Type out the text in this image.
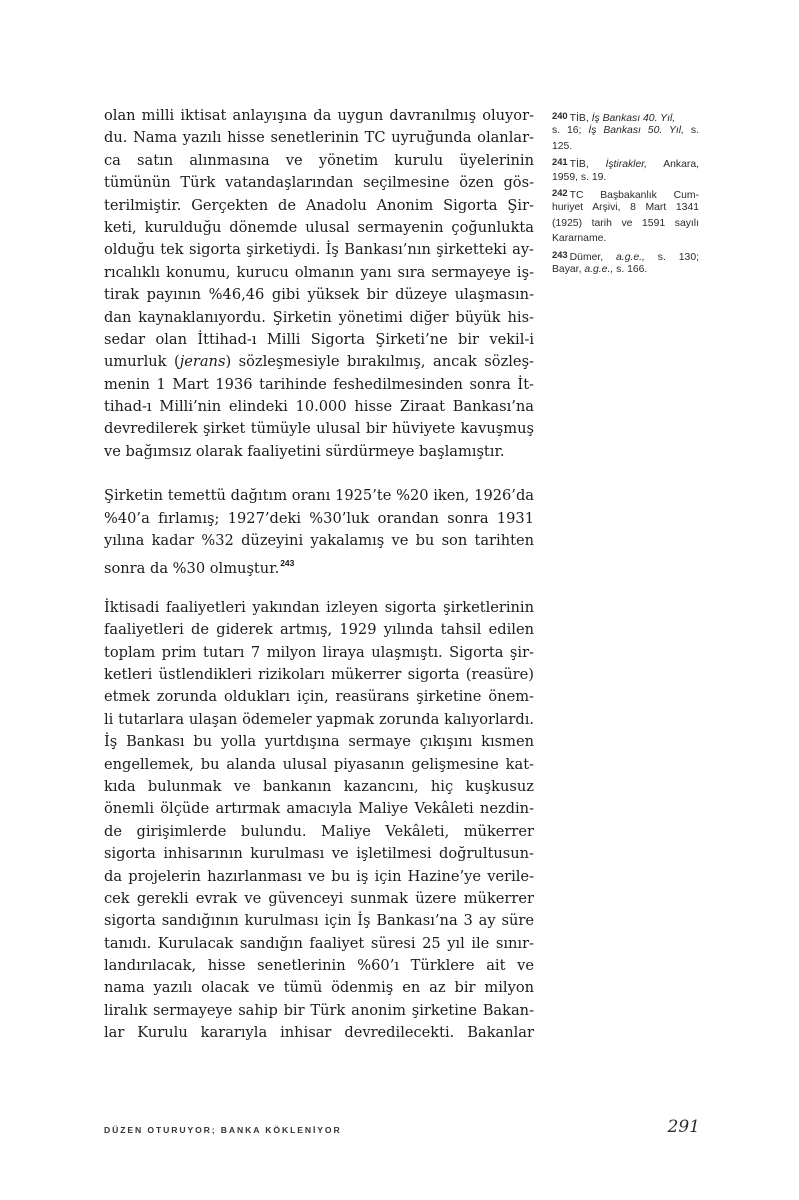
olan milli iktisat anlayışına da uygun davranılmış oluyor-
du. Nama yazılı hisse senetlerinin TC uyruğunda olanlar-
ca satın alınmasına ve yönetim kurulu üyelerinin
tümünün Türk vatandaşlarından seçilmesine özen gös-
terilmiştir. Gerçekten de Anadolu Anonim Sigorta Şir-
keti, kurulduğu dönemde ulusal sermayenin çoğunlukta
olduğu tek sigorta şirketiydi. İş Bankası’nın şirketteki ay-
rıcalıklı konumu, kurucu olmanın yanı sıra sermayeye iş-
tirak payının %46,46 gibi yüksek bir düzeye ulaşmasın-
dan kaynaklanıyordu. Şirketin yönetimi diğer büyük his-
sedar olan İttihad-ı Milli Sigorta Şirketi’ne bir vekil-i
umurluk (jerans) sözleşmesiyle bırakılmış, ancak sözleş-
menin 1 Mart 1936 tarihinde feshedilmesinden sonra İt-
tihad-ı Milli’nin elindeki 10.000 hisse Ziraat Bankası’na
devredilerek şirket tümüyle ulusal bir hüviyete kavuşmuş
ve bağımsız olarak faaliyetini sürdürmeye başlamıştır.
Şirketin temettü dağıtım oranı 1925’te %20 iken, 1926’da
%40’a fırlamış; 1927’deki %30’luk orandan sonra 1931
yılına kadar %32 düzeyini yakalamış ve bu son tarihten
sonra da %30 olmuştur.$^{243}$
İktisadi faaliyetleri yakından izleyen sigorta şirketlerinin
faaliyetleri de giderek artmış, 1929 yılında tahsil edilen
toplam prim tutarı 7 milyon liraya ulaşmıştı. Sigorta şir-
ketleri üstlendikleri rizikoları mükerrer sigorta (reasüre)
etmek zorunda oldukları için, reasürans şirketine önem-
li tutarlara ulaşan ödemeler yapmak zorunda kalıyorlardı.
İş Bankası bu yolla yurtdışına sermaye çıkışını kısmen
engellemek, bu alanda ulusal piyasanın gelişmesine kat-
kıda bulunmak ve bankanın kazancını, hiç kuşkusuz
önemli ölçüde artırmak amacıyla Maliye Vekâleti nezdin-
de girişimlerde bulundu. Maliye Vekâleti, mükerrer
sigorta inhisarının kurulması ve işletilmesi doğrultusun-
da projelerin hazırlanması ve bu iş için Hazine’ye verile-
cek gerekli evrak ve güvenceyi sunmak üzere mükerrer
sigorta sandığının kurulması için İş Bankası’na 3 ay süre
tanıdı. Kurulacak sandığın faaliyet süresi 25 yıl ile sınır-
landırılacak, hisse senetlerinin %60’ı Türklere ait ve
nama yazılı olacak ve tümü ödenmiş en az bir milyon
liralık sermayeye sahip bir Türk anonim şirketine Bakan-
lar Kurulu kararıyla inhisar devredilecekti. Bakanlar
240 TİB, İş Bankası 40. Yıl,
s. 16; İş Bankası 50. Yıl, s.
125.
241 TİB, İştirakler, Ankara,
1959, s. 19.
242 TC Başbakanlık Cum-
huriyet Arşivi, 8 Mart 1341
(1925) tarih ve 1591 sayılı
Kararname.
243 Dümer, a.g.e., s. 130;
Bayar, a.g.e., s. 166.
DÜZEN OTURUYOR; BANKA KÖKLENİYOR	291
